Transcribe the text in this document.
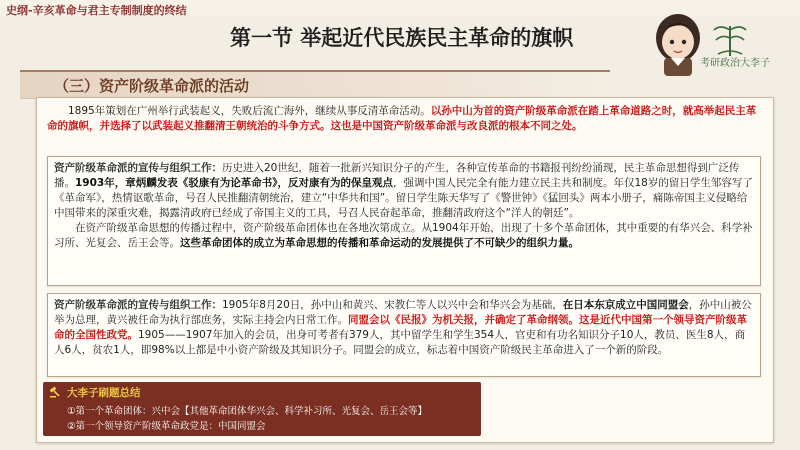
史纲-辛亥革命与君主专制制度的终结
第一节 举起近代民族民主革命的旗帜
考研政治大李子
（三）资产阶级革命派的活动
　　1895年策划在广州举行武装起义，失败后流亡海外，继续从事反清革命活动。以孙中山为首的资产阶级革命派在踏上革命道路之时，就高举起民主革命的旗帜，并选择了以武装起义推翻清王朝统治的斗争方式。这也是中国资产阶级革命派与改良派的根本不同之处。
资产阶级革命派的宣传与组织工作：历史进入20世纪，随着一批新兴知识分子的产生，各种宣传革命的书籍报刊纷纷涌现，民主革命思想得到广泛传播。1903年，章炳麟发表《驳康有为论革命书》，反对康有为的保皇观点，强调中国人民完全有能力建立民主共和制度。年仅18岁的留日学生邹容写了《革命军》，热情讴歌革命，号召人民推翻清朝统治，建立“中华共和国”。留日学生陈天华写了《警世钟》《猛回头》两本小册子，痛陈帝国主义侵略给中国带来的深重灾难，揭露清政府已经成了帝国主义的工具，号召人民奋起革命，推翻清政府这个“洋人的朝廷”。
　　在资产阶级革命思想的传播过程中，资产阶级革命团体也在各地次第成立。从1904年开始，出现了十多个革命团体，其中重要的有华兴会、科学补习所、光复会、岳王会等。这些革命团体的成立为革命思想的传播和革命运动的发展提供了不可缺少的组织力量。
资产阶级革命派的宣传与组织工作：1905年8月20日，孙中山和黄兴、宋教仁等人以兴中会和华兴会为基础，在日本东京成立中国同盟会，孙中山被公举为总理，黄兴被任命为执行部庶务，实际主持会内日常工作。同盟会以《民报》为机关报，并确定了革命纲领。这是近代中国第一个领导资产阶级革命的全国性政党。1905——1907年加入的会员，出身可考者有379人，其中留学生和学生354人，官吏和有功名知识分子10人，教员、医生8人，商人6人，贫农1人，即98%以上都是中小资产阶级及其知识分子。同盟会的成立，标志着中国资产阶级民主革命进入了一个新的阶段。
大李子刷题总结
①第一个革命团体：兴中会【其他革命团体华兴会、科学补习所、光复会、岳王会等】
②第一个领导资产阶级革命政党是：中国同盟会
